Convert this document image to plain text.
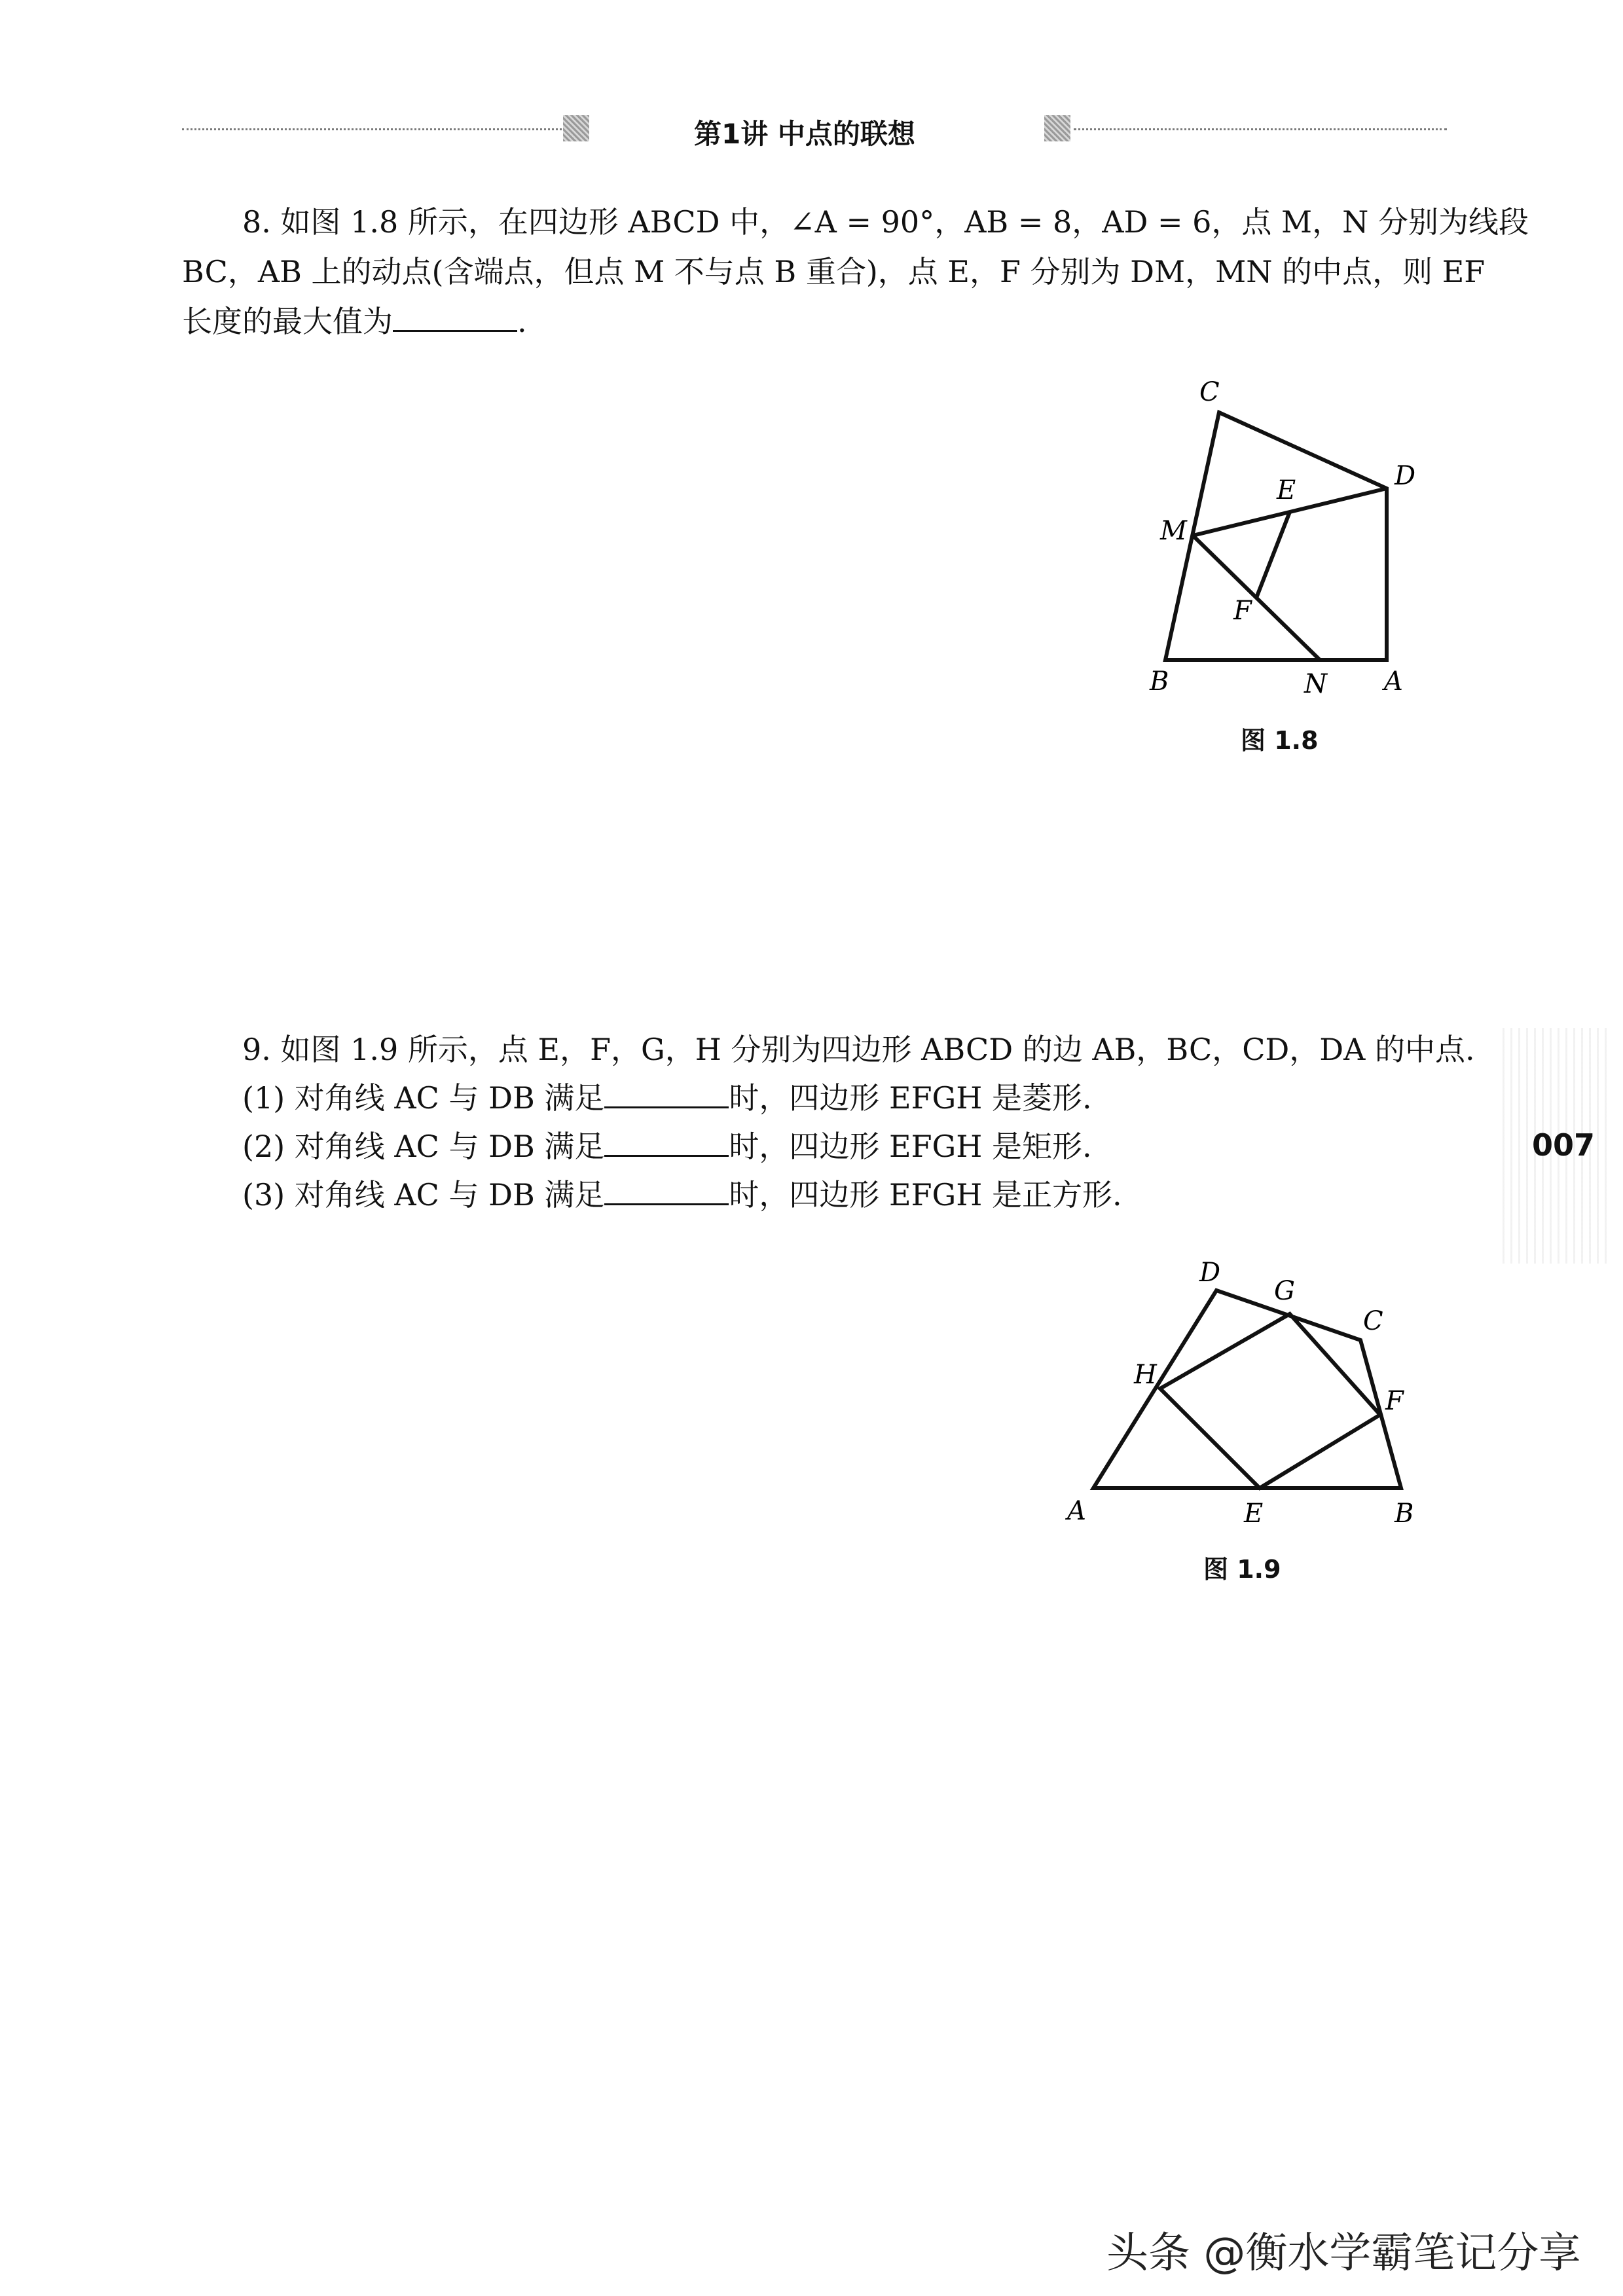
第1讲 中点的联想
8. 如图 1.8 所示，在四边形 ABCD 中，∠A = 90°，AB = 8，AD = 6，点 M，N 分别为线段
BC，AB 上的动点(含端点，但点 M 不与点 B 重合)，点 E，F 分别为 DM，MN 的中点，则 EF
长度的最大值为	.
C
D
E
M
F
B	N A
图 1.8
9. 如图 1.9 所示，点 E，F，G，H 分别为四边形 ABCD 的边 AB，BC，CD，DA 的中点.
(1) 对角线 AC 与 DB 满足	时，四边形 EFGH 是菱形.
(2) 对角线 AC 与 DB 满足	时，四边形 EFGH 是矩形.
(3) 对角线 AC 与 DB 满足	时，四边形 EFGH 是正方形.
D
G
C
H
F
A	E	B
图 1.9
007
头条 @衡水学霸笔记分享
